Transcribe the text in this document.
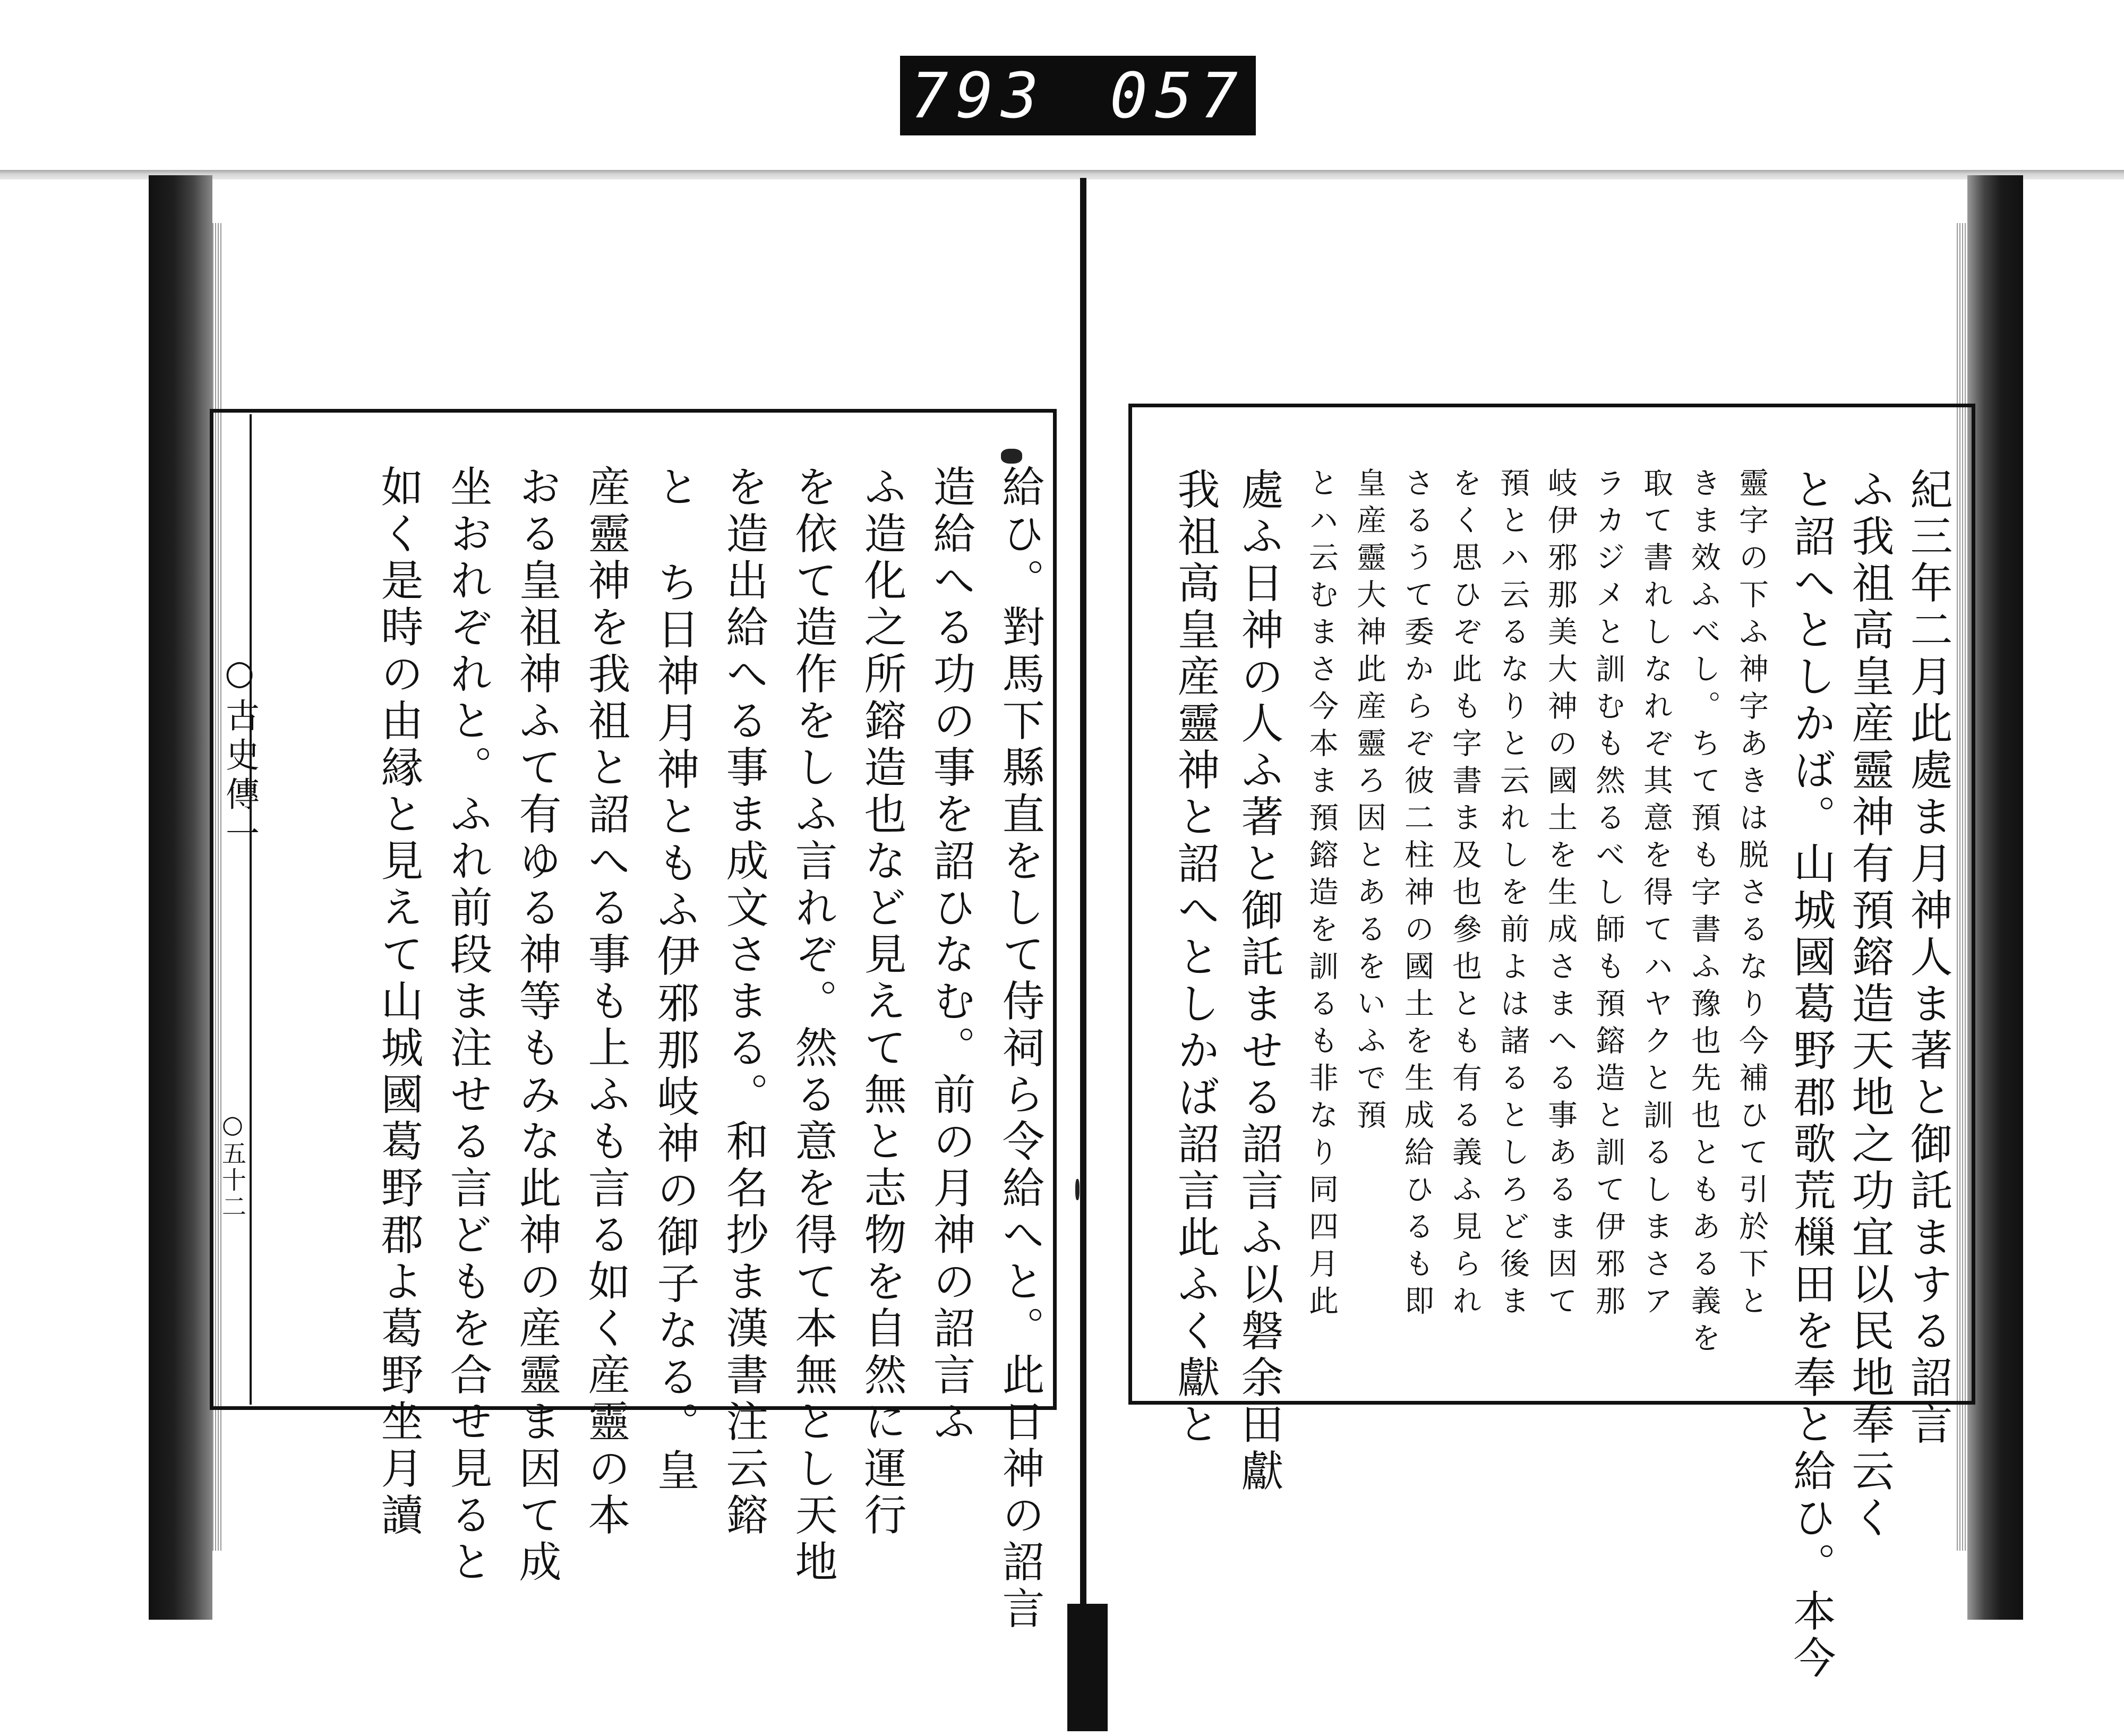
793 057
○古史傳一
○五十二	給ひ。對馬下縣直をして侍祠ら令給へと。此日神の詔言
造給へる功の事を詔ひなむ。前の月神の詔言ふ
ふ造化之所鎔造也など見えて無と志物を自然に運行
を依て造作をしふ言れぞ。然る意を得て本無とし天地
を造出給へる事ま成文さまる。和名抄ま漢書注云鎔
と
ち日神月神ともふ伊邪那岐神の御子なる。皇
産靈神を我祖と詔へる事も上ふも言る如く産靈の本
おる皇祖神ふて有ゆる神等もみな此神の産靈ま因て成
坐おれぞれと。ふれ前段ま注せる言どもを合せ見ると
如く是時の由縁と見えて山城國葛野郡よ葛野坐月讀	紀三年二月此處ま月神人ま著と御託まする詔言
ふ我祖高皇産靈神有預鎔造天地之功宜以民地奉云く
と詔へとしかば。山城國葛野郡歌荒樔田を奉と給ひ。本今
靈字の下ふ神字あきは脱さるなり今補ひて引於下と
きま效ふべし。ちて預も字書ふ豫也先也ともある義を
取て書れしなれぞ其意を得てハヤクと訓るしまさア
ラカジメと訓むも然るべし師も預鎔造と訓て伊邪那
岐伊邪那美大神の國土を生成さまへる事あるま因て
預とハ云るなりと云れしを前よは諸るとしろど後ま
をく思ひぞ此も字書ま及也參也とも有る義ふ見られ
さるうて委からぞ彼二柱神の國土を生成給ひるも即
皇産靈大神此産靈ろ因とあるをいふで預
とハ云むまさ今本ま預鎔造を訓るも非なり同四月此
處ふ日神の人ふ著と御託ませる詔言ふ以磐余田獻
我祖高皇産靈神と詔へとしかば詔言此ふく獻と
